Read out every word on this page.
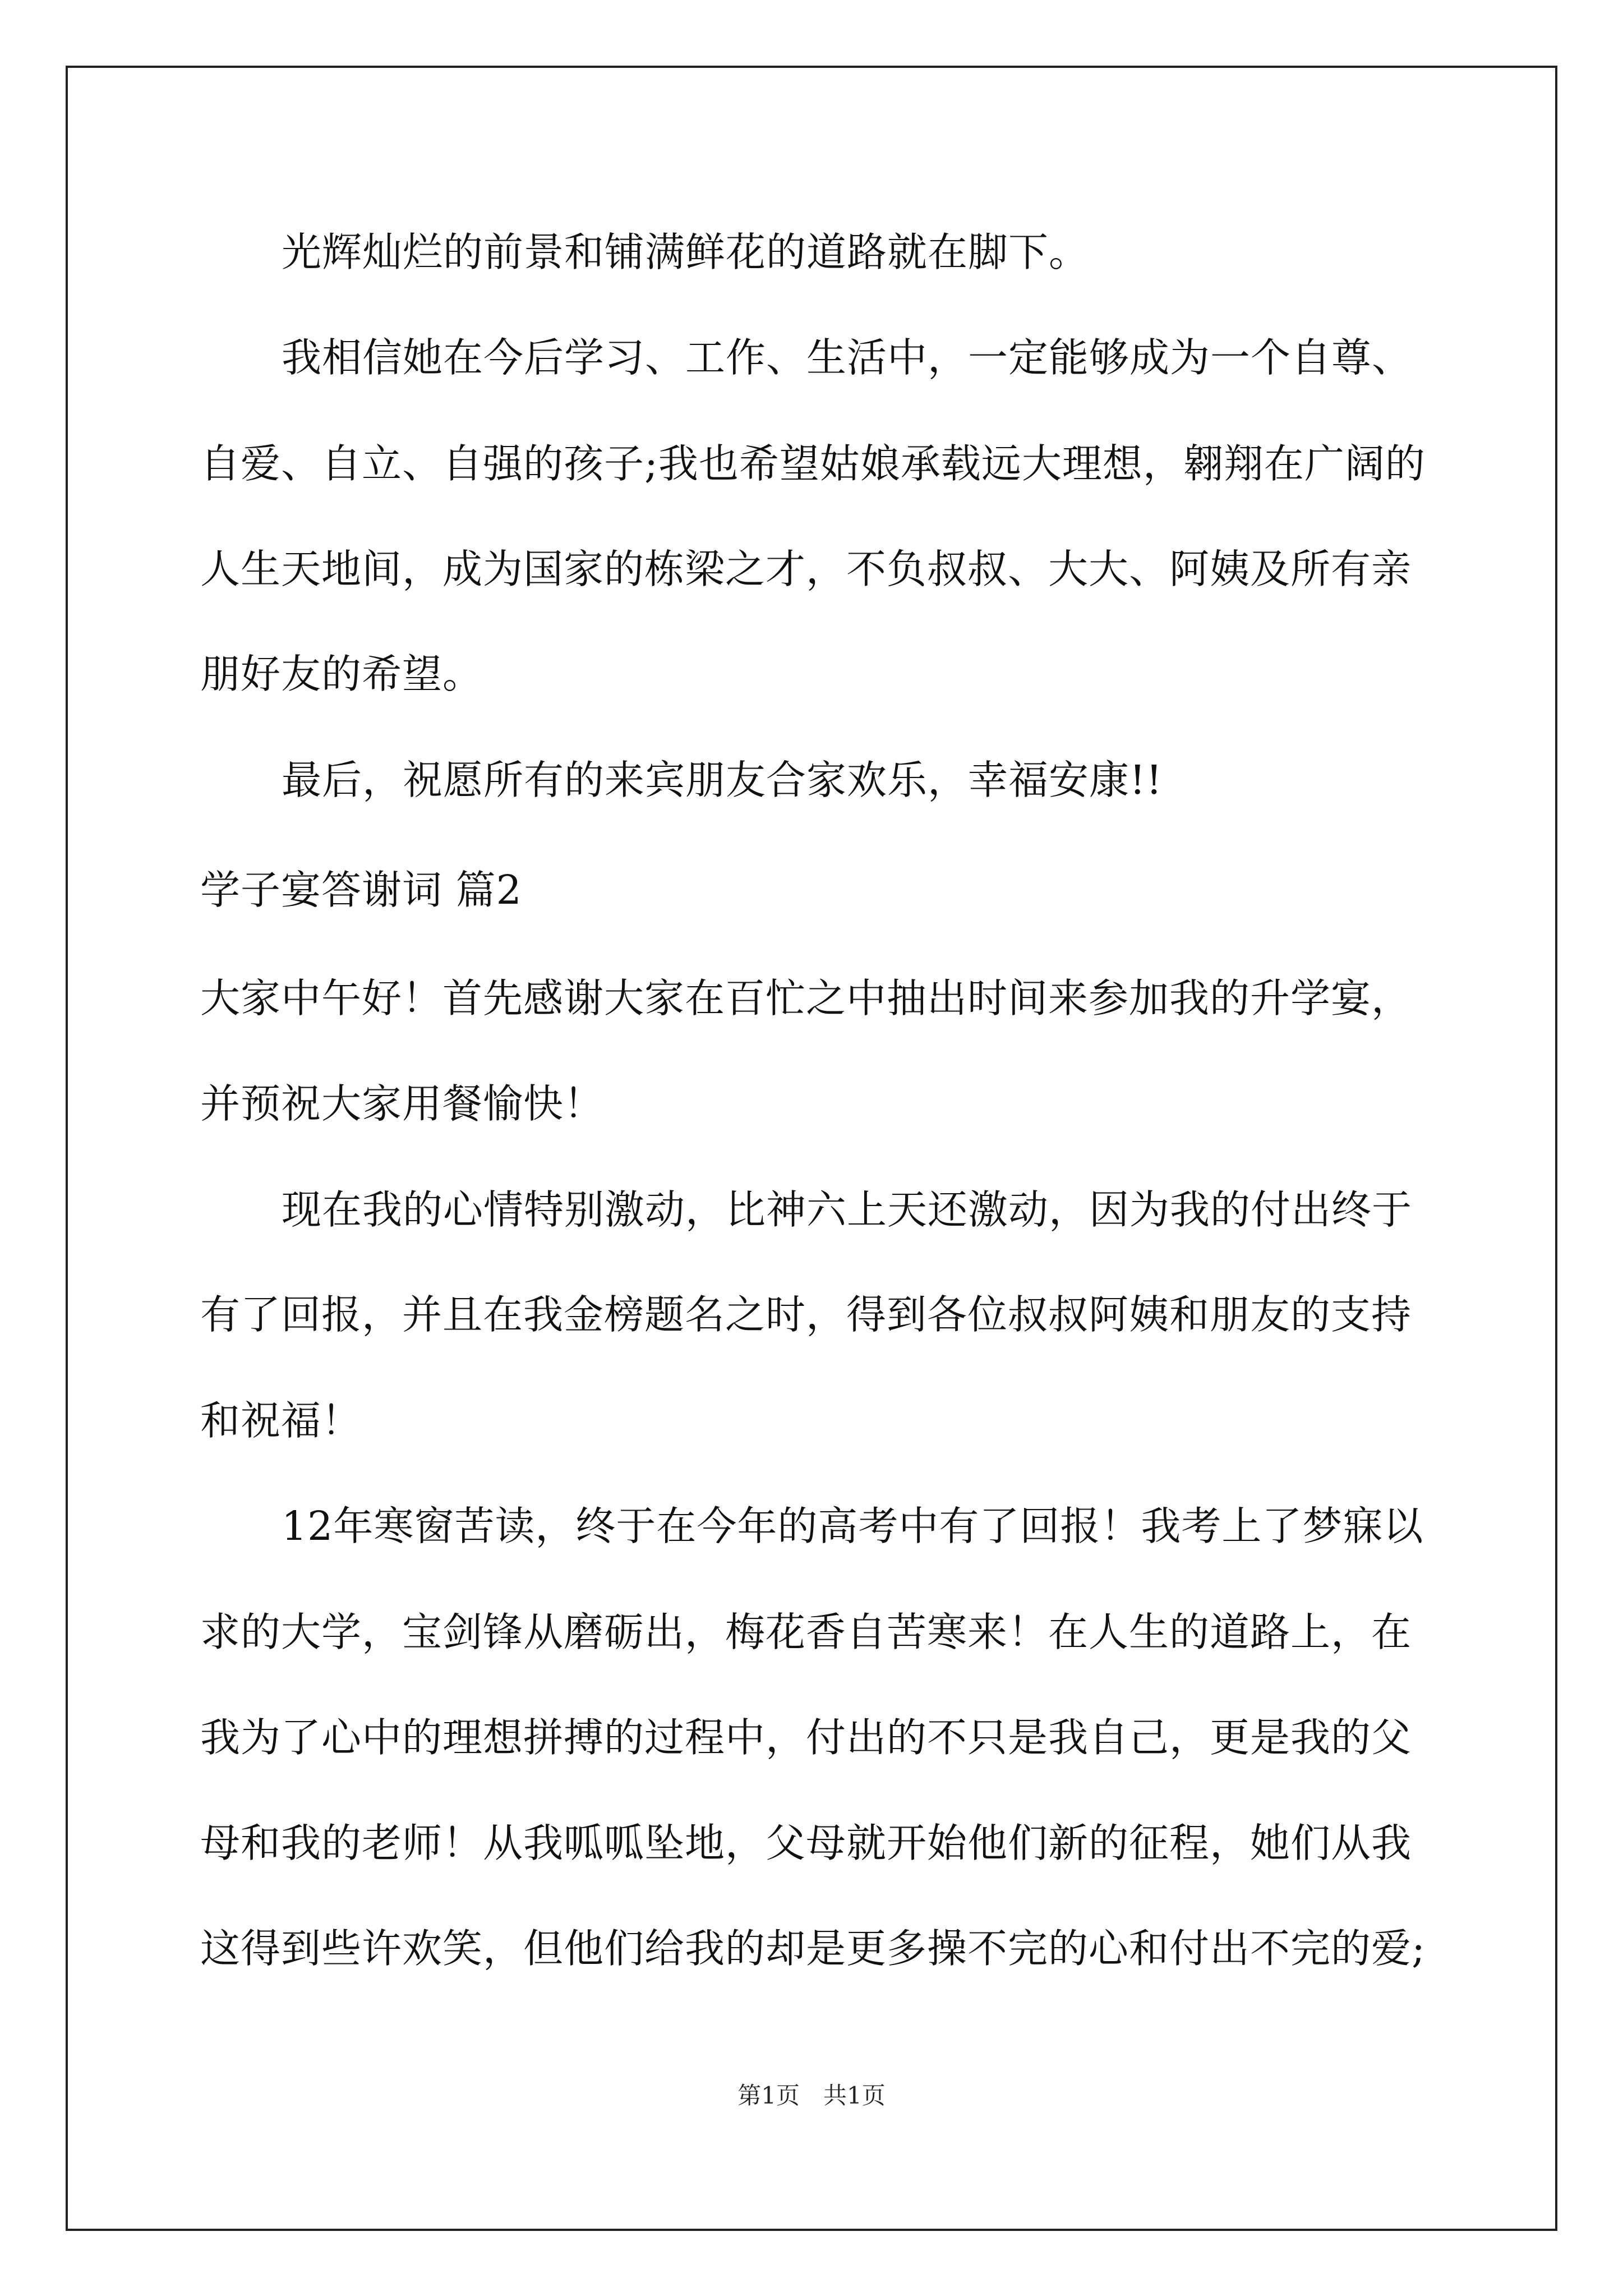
光辉灿烂的前景和铺满鲜花的道路就在脚下。
我相信她在今后学习、工作、生活中，一定能够成为一个自尊、
自爱、自立、自强的孩子;我也希望姑娘承载远大理想，翱翔在广阔的
人生天地间，成为国家的栋梁之才，不负叔叔、大大、阿姨及所有亲
朋好友的希望。
最后，祝愿所有的来宾朋友合家欢乐，幸福安康!!
学子宴答谢词 篇2
大家中午好！首先感谢大家在百忙之中抽出时间来参加我的升学宴，
并预祝大家用餐愉快！
现在我的心情特别激动，比神六上天还激动，因为我的付出终于
有了回报，并且在我金榜题名之时，得到各位叔叔阿姨和朋友的支持
和祝福！
12年寒窗苦读，终于在今年的高考中有了回报！我考上了梦寐以
求的大学，宝剑锋从磨砺出，梅花香自苦寒来！在人生的道路上，在
我为了心中的理想拼搏的过程中，付出的不只是我自己，更是我的父
母和我的老师！从我呱呱坠地，父母就开始他们新的征程，她们从我
这得到些许欢笑，但他们给我的却是更多操不完的心和付出不完的爱;
第1页　共1页
